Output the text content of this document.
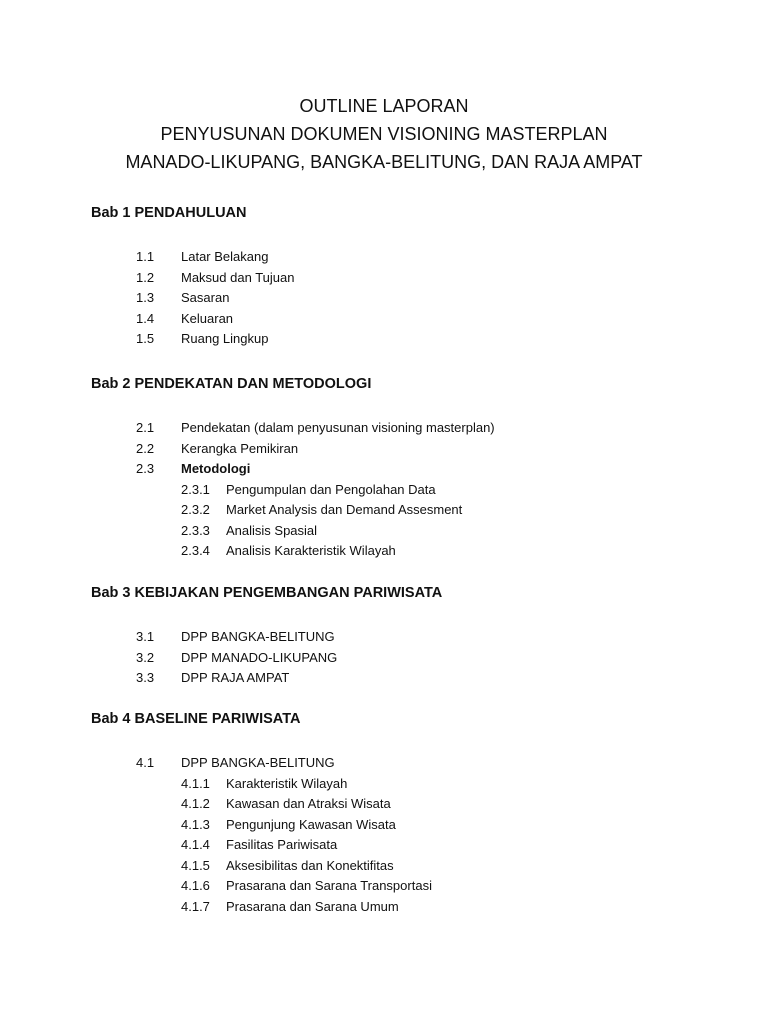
OUTLINE LAPORAN
PENYUSUNAN DOKUMEN VISIONING MASTERPLAN
MANADO-LIKUPANG, BANGKA-BELITUNG, DAN RAJA AMPAT
Bab 1 PENDAHULUAN
1.1 Latar Belakang
1.2 Maksud dan Tujuan
1.3 Sasaran
1.4 Keluaran
1.5 Ruang Lingkup
Bab 2 PENDEKATAN DAN METODOLOGI
2.1 Pendekatan (dalam penyusunan visioning masterplan)
2.2 Kerangka Pemikiran
2.3 Metodologi
2.3.1 Pengumpulan dan Pengolahan Data
2.3.2 Market Analysis dan Demand Assesment
2.3.3 Analisis Spasial
2.3.4 Analisis Karakteristik Wilayah
Bab 3 KEBIJAKAN PENGEMBANGAN PARIWISATA
3.1 DPP BANGKA-BELITUNG
3.2 DPP MANADO-LIKUPANG
3.3 DPP RAJA AMPAT
Bab 4 BASELINE PARIWISATA
4.1 DPP BANGKA-BELITUNG
4.1.1 Karakteristik Wilayah
4.1.2 Kawasan dan Atraksi Wisata
4.1.3 Pengunjung Kawasan Wisata
4.1.4 Fasilitas Pariwisata
4.1.5 Aksesibilitas dan Konektifitas
4.1.6 Prasarana dan Sarana Transportasi
4.1.7 Prasarana dan Sarana Umum
